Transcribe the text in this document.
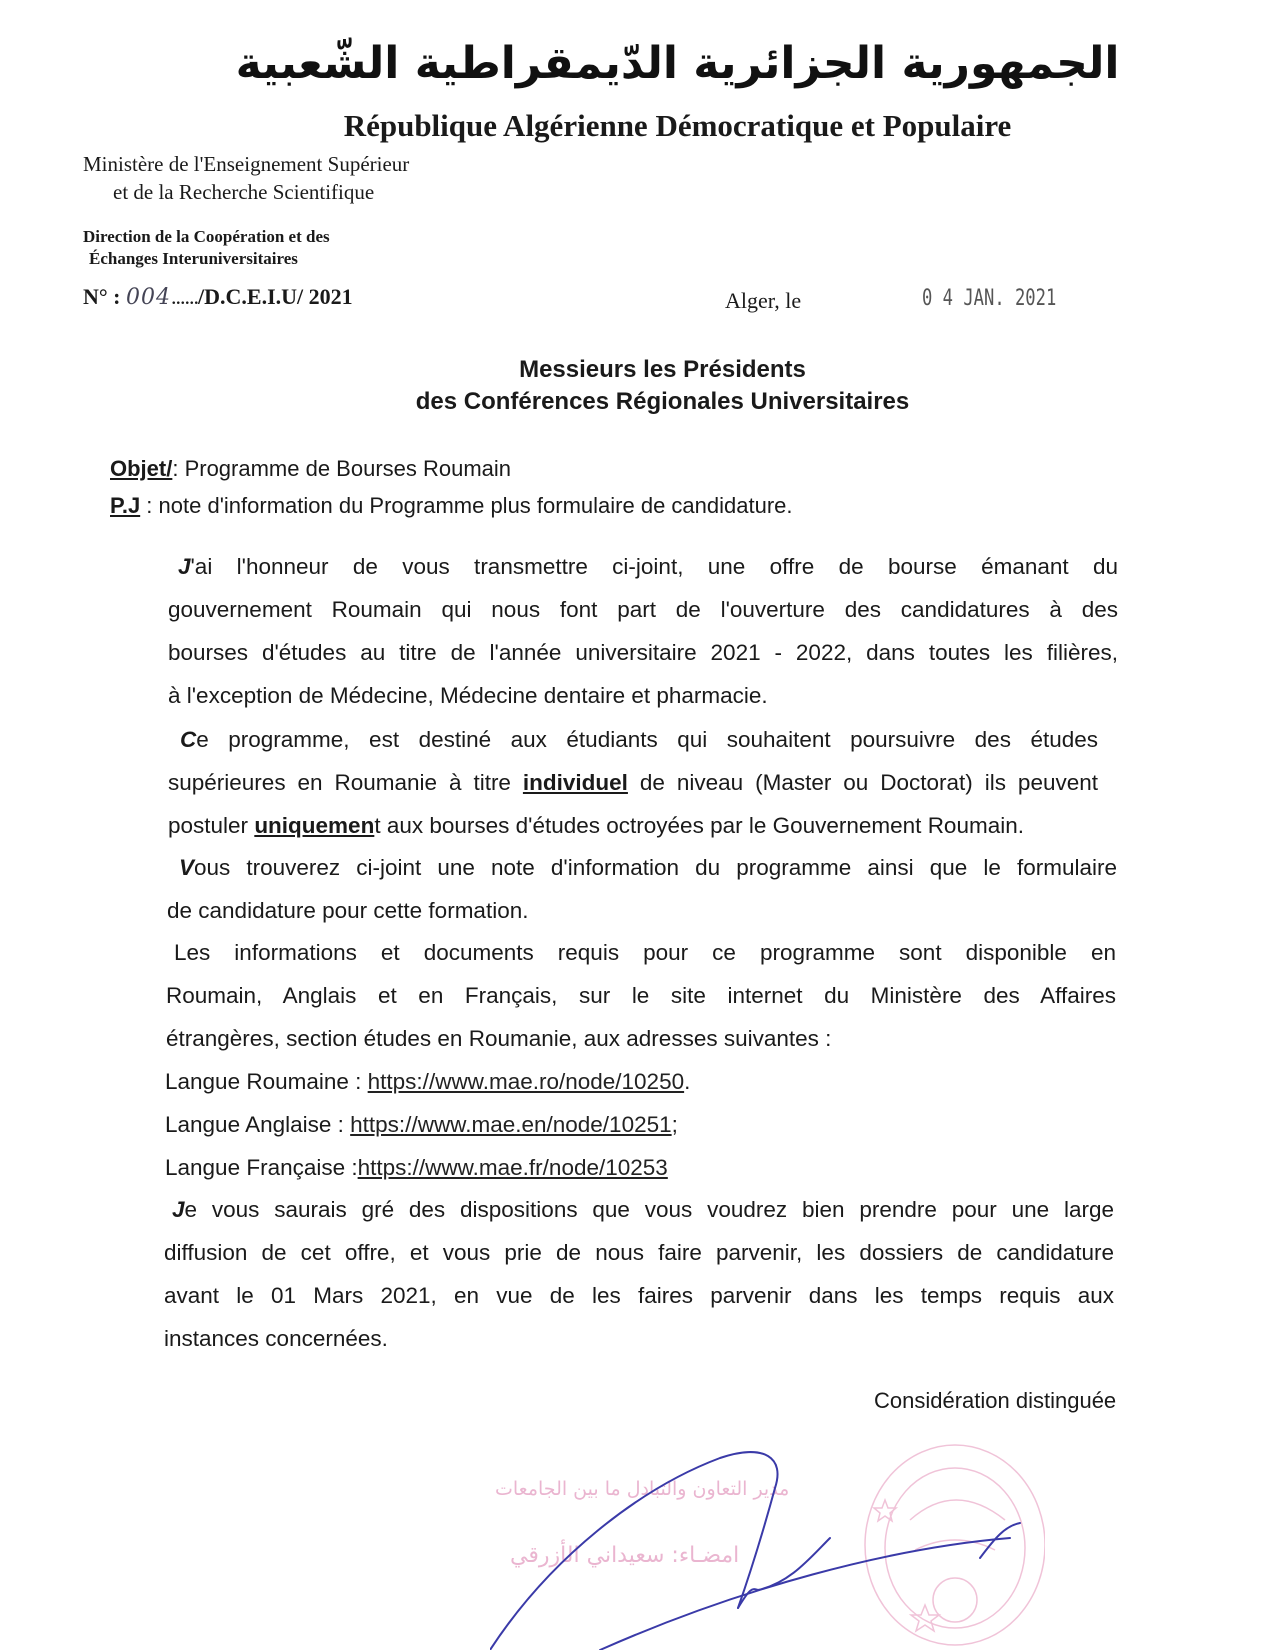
الجمهورية الجزائرية الدّيمقراطية الشّعبية
République Algérienne Démocratique et Populaire
Ministère de l'Enseignement Supérieur
et de la Recherche Scientifique
Direction de la Coopération et des
Échanges Interuniversitaires
N° : 004....../D.C.E.I.U/ 2021	Alger, le	0 4 JAN. 2021
Messieurs les Présidents
des Conférences Régionales Universitaires
Objet/: Programme de Bourses Roumain
P.J : note d'information du Programme plus formulaire de candidature.
J'ai l'honneur de vous transmettre ci-joint, une offre de bourse émanant du
gouvernement Roumain qui nous font part de l'ouverture des candidatures à des
bourses d'études au titre de l'année universitaire 2021 - 2022, dans toutes les filières,
à l'exception de Médecine, Médecine dentaire et pharmacie.
Ce programme, est destiné aux étudiants qui souhaitent poursuivre des études
supérieures en Roumanie à titre individuel de niveau (Master ou Doctorat) ils peuvent
postuler uniquement aux bourses d'études octroyées par le Gouvernement Roumain.
Vous trouverez ci-joint une note d'information du programme ainsi que le formulaire
de candidature pour cette formation.
Les informations et documents requis pour ce programme sont disponible en
Roumain, Anglais et en Français, sur le site internet du Ministère des Affaires
étrangères, section études en Roumanie, aux adresses suivantes :
Langue Roumaine : https://www.mae.ro/node/10250.
Langue Anglaise : https://www.mae.en/node/10251;
Langue Française :https://www.mae.fr/node/10253
Je vous saurais gré des dispositions que vous voudrez bien prendre pour une large
diffusion de cet offre, et vous prie de nous faire parvenir, les dossiers de candidature
avant le 01 Mars 2021, en vue de les faires parvenir dans les temps requis aux
instances concernées.
Considération distinguée
مدير التعاون والتبادل ما بين الجامعات
امضـاء: سعيداني الأزرقي
